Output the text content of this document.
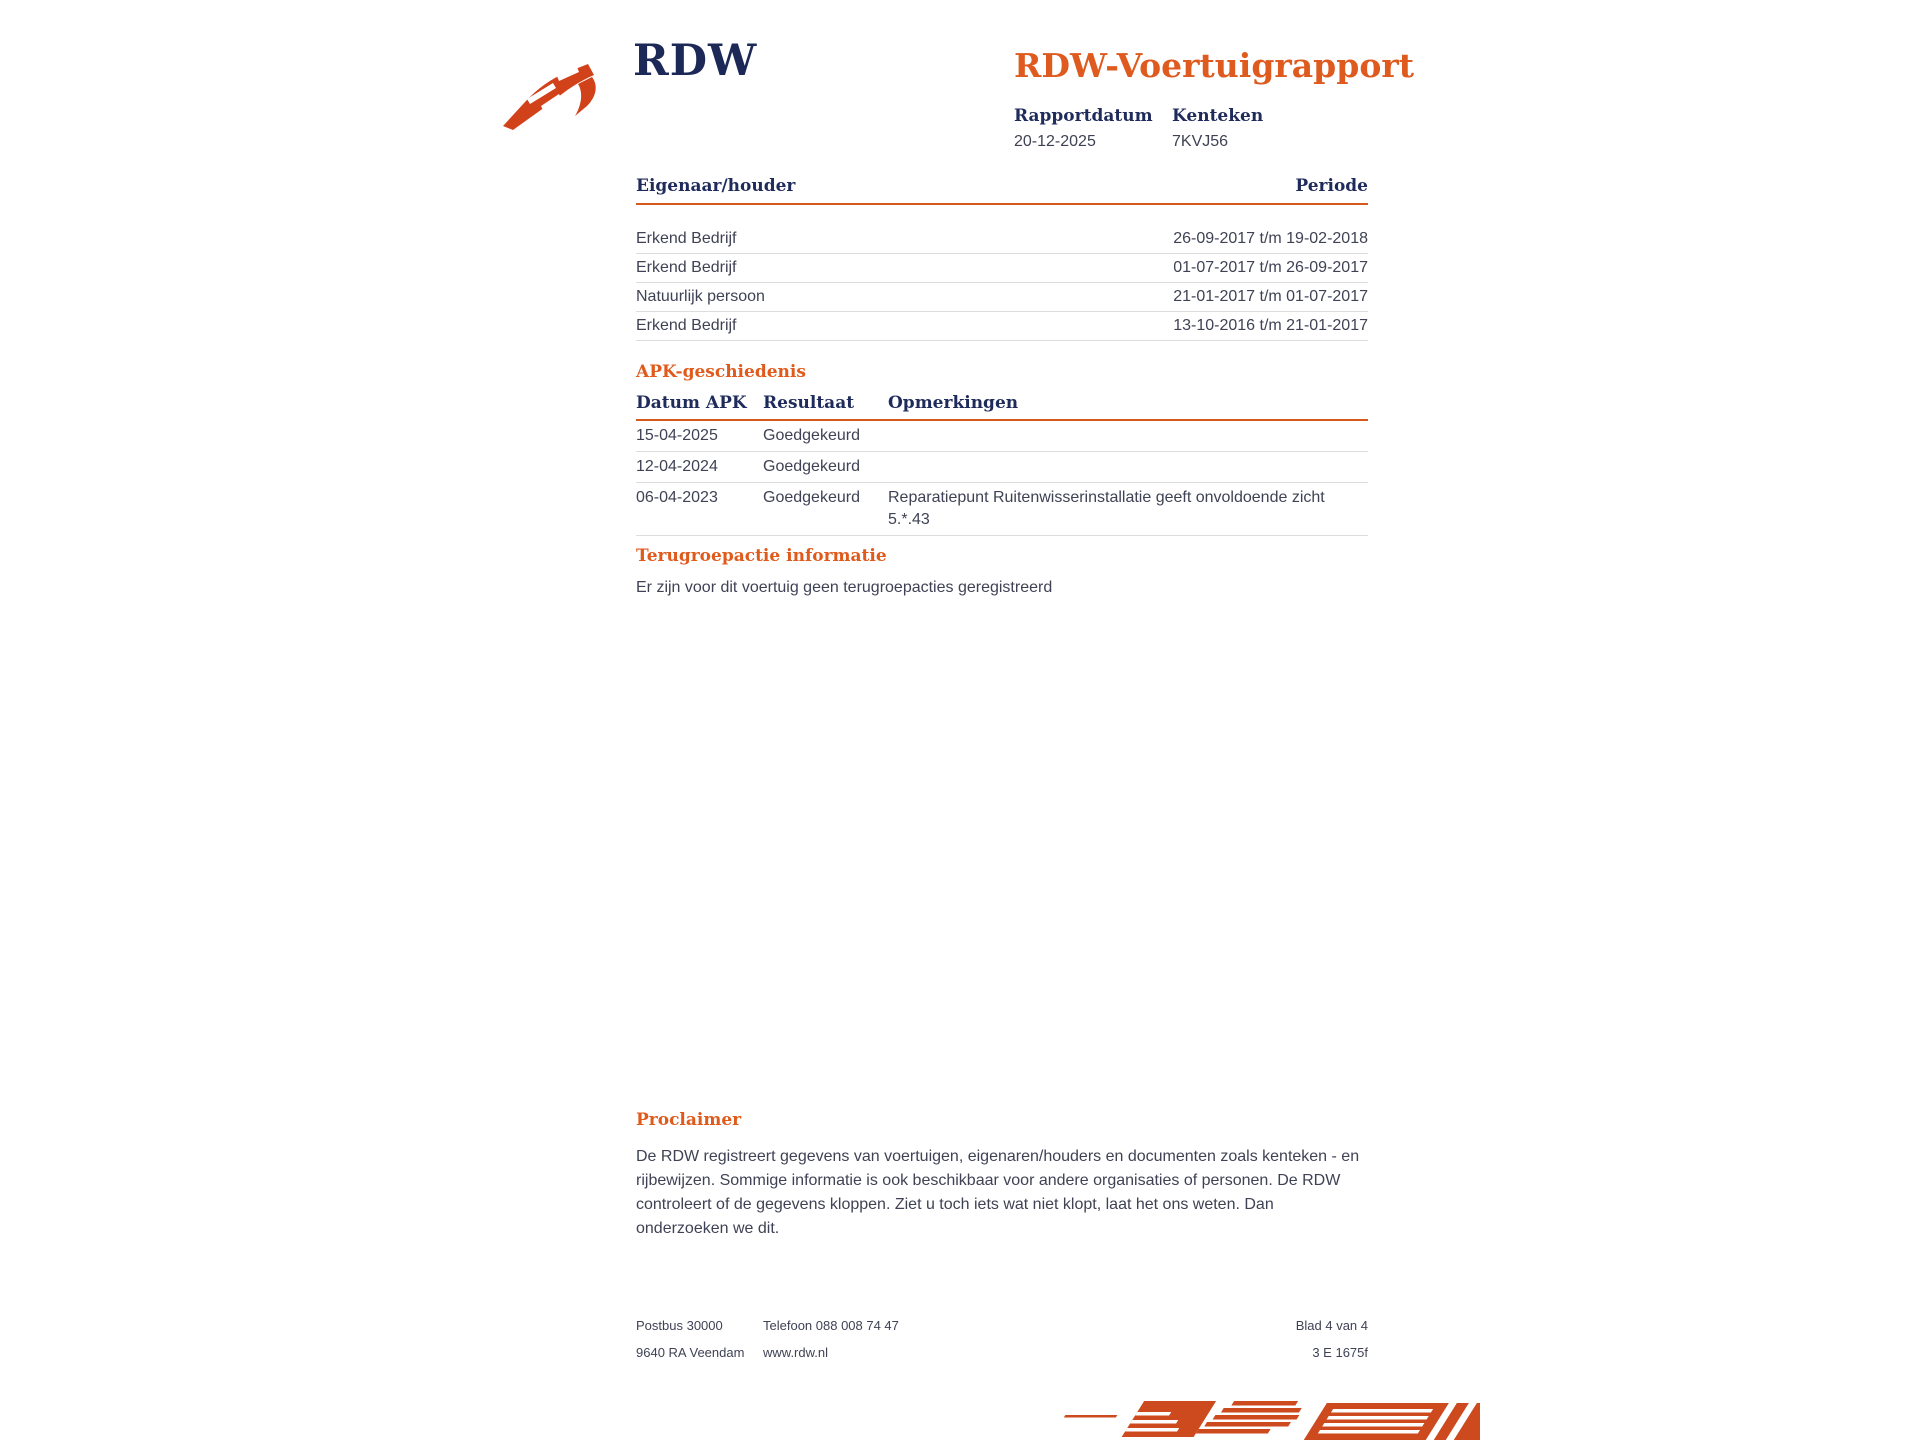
RDW	RDW-Voertuigrapport
Rapportdatum Kenteken
20-12-2025	7KVJ56
Eigenaar/houder	Periode
Erkend Bedrijf	26-09-2017 t/m 19-02-2018
Erkend Bedrijf	01-07-2017 t/m 26-09-2017
Natuurlijk persoon	21-01-2017 t/m 01-07-2017
Erkend Bedrijf	13-10-2016 t/m 21-01-2017
APK-geschiedenis
Datum APK Resultaat	Opmerkingen
15-04-2025	Goedgekeurd
12-04-2024	Goedgekeurd
06-04-2023	Goedgekeurd	Reparatiepunt Ruitenwisserinstallatie geeft onvoldoende zicht 5.*.43
Terugroepactie informatie
Er zijn voor dit voertuig geen terugroepacties geregistreerd
Proclaimer
De RDW registreert gegevens van voertuigen, eigenaren/houders en documenten zoals kenteken - en rijbewijzen. Sommige informatie is ook beschikbaar voor andere organisaties of personen. De RDW controleert of de gegevens kloppen. Ziet u toch iets wat niet klopt, laat het ons weten. Dan onderzoeken we dit.
Postbus 30000	Telefoon 088 008 74 47	Blad 4 van 4
9640 RA Veendam	www.rdw.nl	3 E 1675f
